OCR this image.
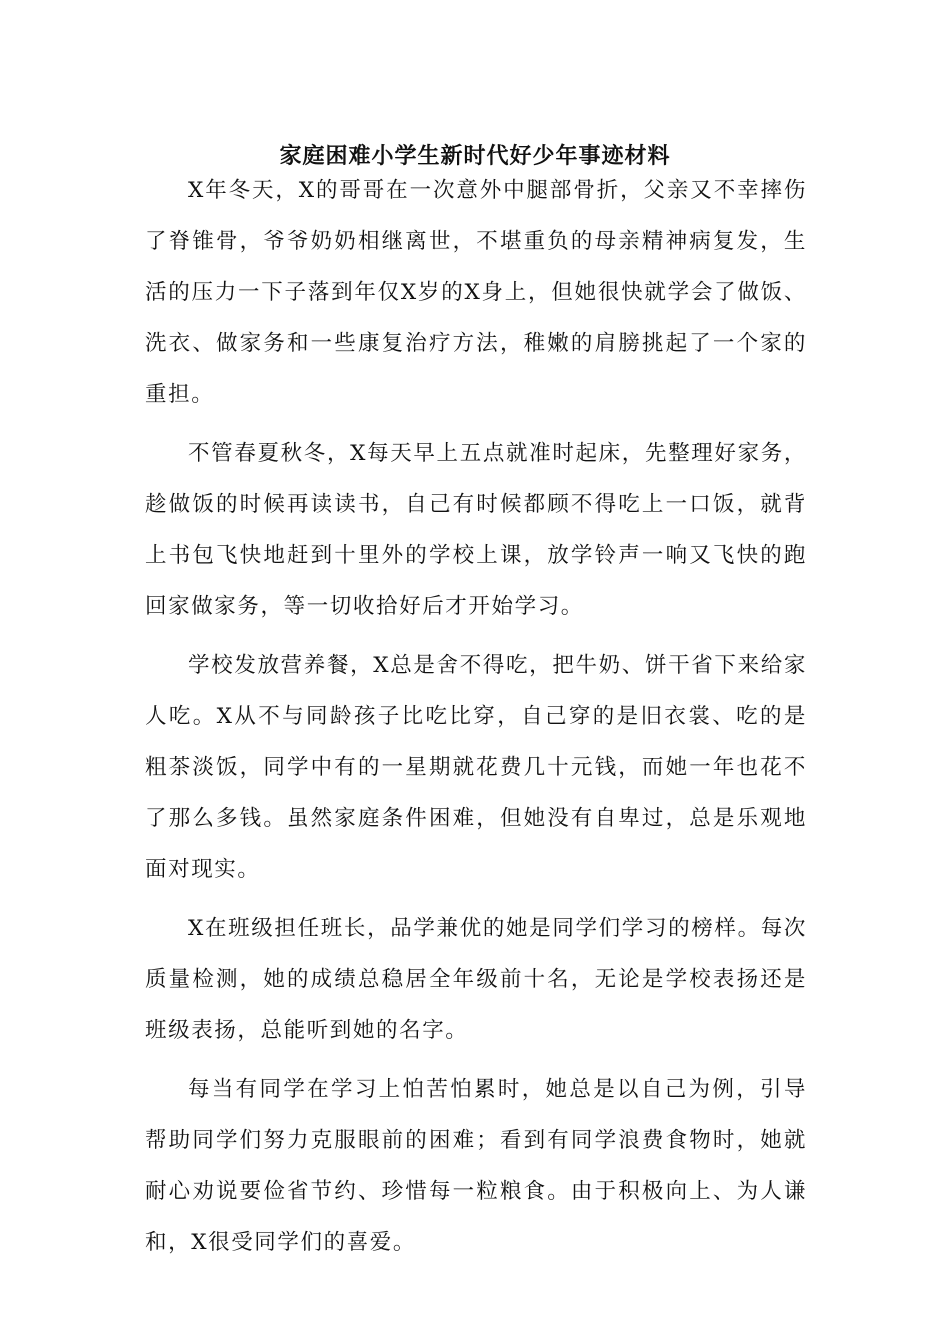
家庭困难小学生新时代好少年事迹材料

X年冬天，X的哥哥在一次意外中腿部骨折，父亲又不幸摔伤了脊锥骨，爷爷奶奶相继离世，不堪重负的母亲精神病复发，生活的压力一下子落到年仅X岁的X身上，但她很快就学会了做饭、洗衣、做家务和一些康复治疗方法，稚嫩的肩膀挑起了一个家的重担。

不管春夏秋冬，X每天早上五点就准时起床，先整理好家务，趁做饭的时候再读读书，自己有时候都顾不得吃上一口饭，就背上书包飞快地赶到十里外的学校上课，放学铃声一响又飞快的跑回家做家务，等一切收拾好后才开始学习。

学校发放营养餐，X总是舍不得吃，把牛奶、饼干省下来给家人吃。X从不与同龄孩子比吃比穿，自己穿的是旧衣裳、吃的是粗茶淡饭，同学中有的一星期就花费几十元钱，而她一年也花不了那么多钱。虽然家庭条件困难，但她没有自卑过，总是乐观地面对现实。

X在班级担任班长，品学兼优的她是同学们学习的榜样。每次质量检测，她的成绩总稳居全年级前十名，无论是学校表扬还是班级表扬，总能听到她的名字。

每当有同学在学习上怕苦怕累时，她总是以自己为例，引导帮助同学们努力克服眼前的困难；看到有同学浪费食物时，她就耐心劝说要俭省节约、珍惜每一粒粮食。由于积极向上、为人谦和，X很受同学们的喜爱。
